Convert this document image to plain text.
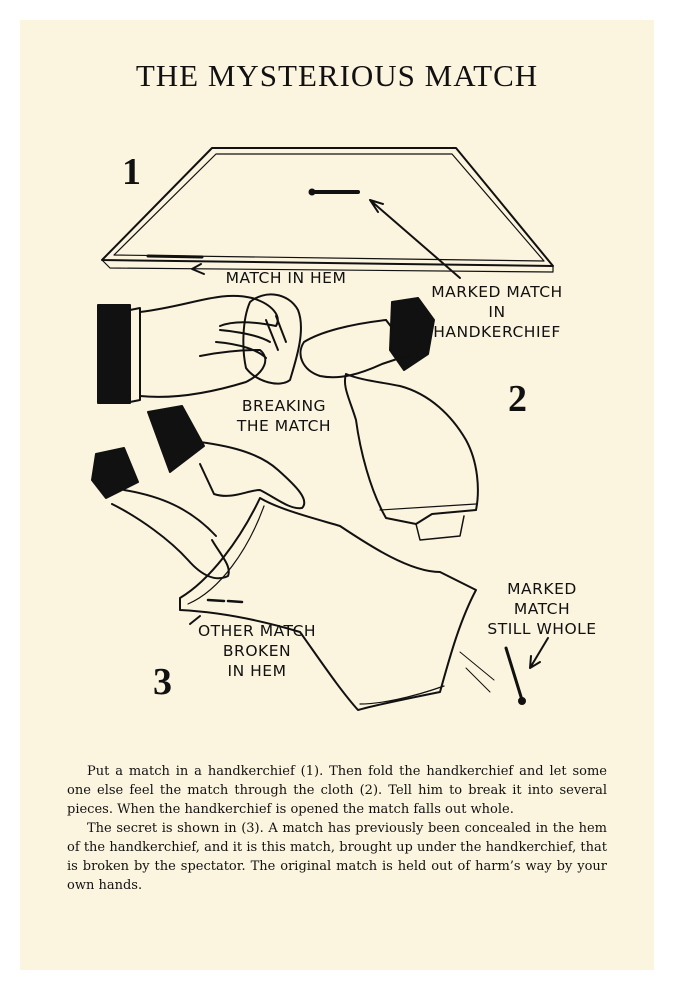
THE MYSTERIOUS MATCH
1
2
3
MATCH IN HEM
MARKED MATCH
IN
HANDKERCHIEF
BREAKING
THE MATCH
MARKED
MATCH
STILL WHOLE
OTHER MATCH
BROKEN
IN HEM

Put a match in a handkerchief (1). Then fold the handkerchief and let some one else feel the match through the cloth (2). Tell him to break it into several pieces. When the handkerchief is opened the match falls out whole.

The secret is shown in (3). A match has previously been concealed in the hem of the handkerchief, and it is this match, brought up under the handkerchief, that is broken by the spectator. The original match is held out of harm’s way by your own hands.
